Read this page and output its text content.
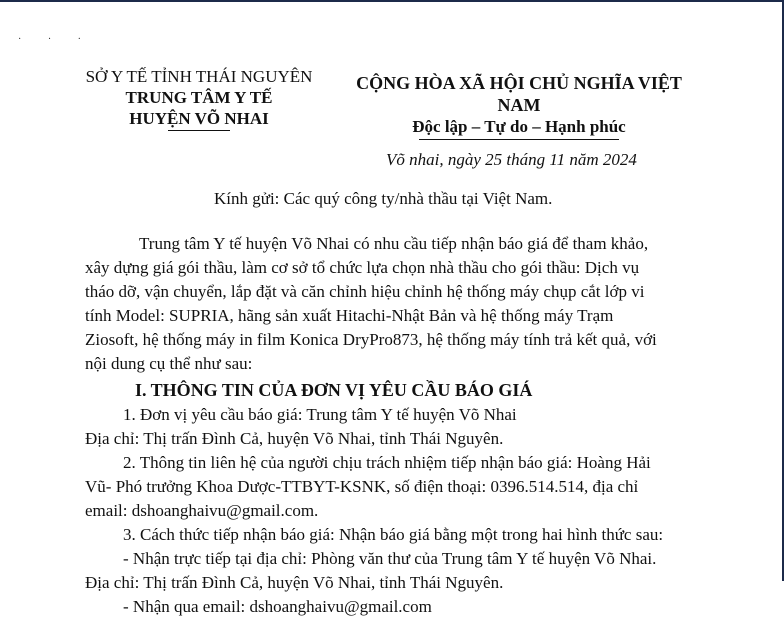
· · ·
SỞ Y TẾ TỈNH THÁI NGUYÊN
TRUNG TÂM Y TẾ
HUYỆN VÕ NHAI
CỘNG HÒA XÃ HỘI CHỦ NGHĨA VIỆT NAM
Độc lập – Tự do – Hạnh phúc
Võ nhai, ngày 25 tháng 11 năm 2024
Kính gửi: Các quý công ty/nhà thầu tại Việt Nam.
Trung tâm Y tế huyện Võ Nhai có nhu cầu tiếp nhận báo giá để tham khảo,
xây dựng giá gói thầu, làm cơ sở tổ chức lựa chọn nhà thầu cho gói thầu: Dịch vụ
tháo dỡ, vận chuyển, lắp đặt và căn chỉnh hiệu chỉnh hệ thống máy chụp cắt lớp vi
tính Model: SUPRIA, hãng sản xuất Hitachi-Nhật Bản và hệ thống máy Trạm
Ziosoft, hệ thống máy in film Konica DryPro873, hệ thống máy tính trả kết quả, với
nội dung cụ thể như sau:
I. THÔNG TIN CỦA ĐƠN VỊ YÊU CẦU BÁO GIÁ
1. Đơn vị yêu cầu báo giá: Trung tâm Y tế huyện Võ Nhai
Địa chỉ: Thị trấn Đình Cả, huyện Võ Nhai, tỉnh Thái Nguyên.
2. Thông tin liên hệ của người chịu trách nhiệm tiếp nhận báo giá: Hoàng Hải
Vũ- Phó trưởng Khoa Dược-TTBYT-KSNK, số điện thoại: 0396.514.514, địa chỉ
email: dshoanghaivu@gmail.com.
3. Cách thức tiếp nhận báo giá: Nhận báo giá bằng một trong hai hình thức sau:
- Nhận trực tiếp tại địa chỉ: Phòng văn thư của Trung tâm Y tế huyện Võ Nhai.
Địa chỉ: Thị trấn Đình Cả, huyện Võ Nhai, tỉnh Thái Nguyên.
- Nhận qua email: dshoanghaivu@gmail.com
